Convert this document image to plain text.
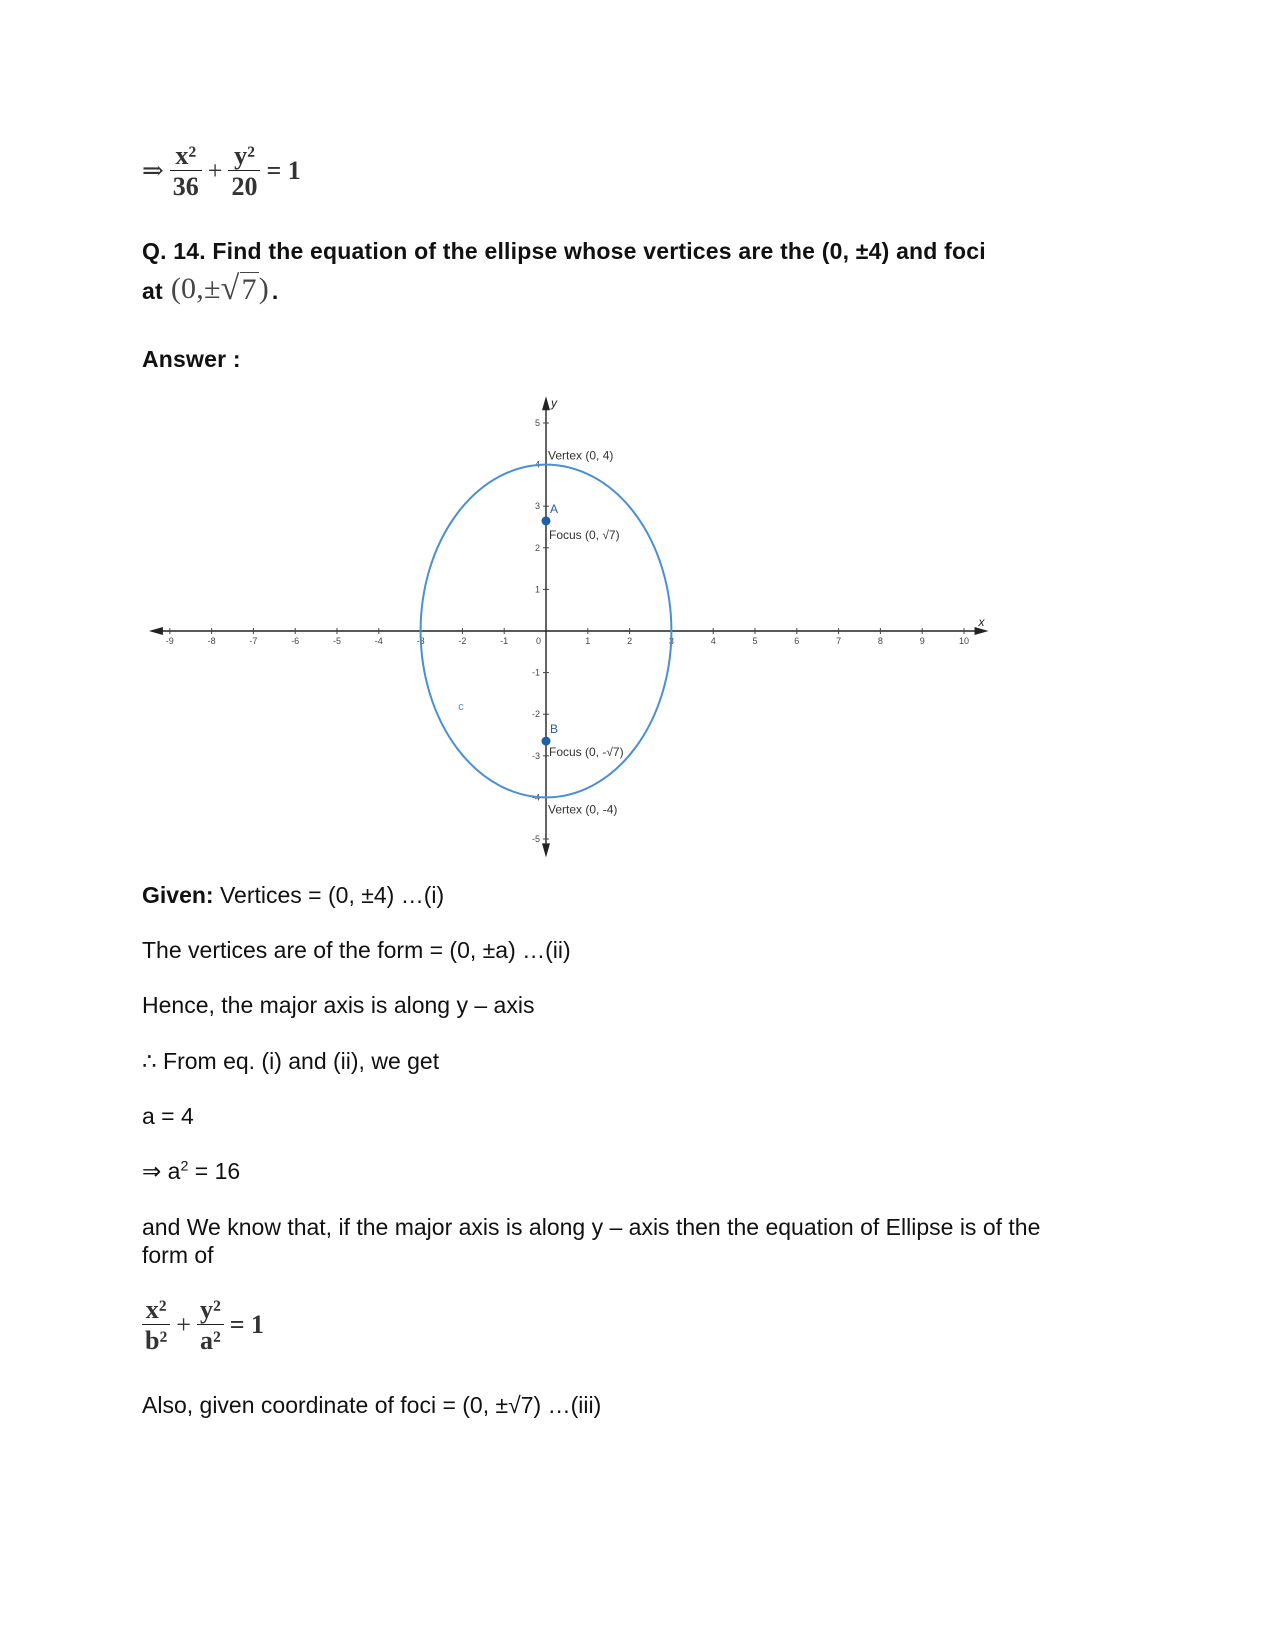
⇒ $\frac{\text{x²}}{36} + \frac{\text{y²}}{20} = 1$
Q. 14. Find the equation of the ellipse whose vertices are the (0, ±4) and foci
at (0,± √ 7 ) .
Answer :
-9	-8	-7	-6	-5	-4	-3	-2	-1	0	1	2	3	4	5	6	7	8	9	10
-5
-4
-3
-2
-1
1
2
3
4
5
x
y
c
A
Focus (0, √7)
B
Focus (0, -√7)
Vertex (0, 4)
Vertex (0, -4)
Given: Vertices = (0, ±4) …(i)
The vertices are of the form = (0, ±a) …(ii)
Hence, the major axis is along y – axis
∴ From eq. (i) and (ii), we get
a = 4
⇒ $a^2 = 16$
and We know that, if the major axis is along y – axis then the equation of Ellipse is of the form of
$\frac{\text{x²}}{\text{b²}} + \frac{\text{y²}}{\text{a²}} = 1$
Also, given coordinate of foci = (0, ±√7) …(iii)
